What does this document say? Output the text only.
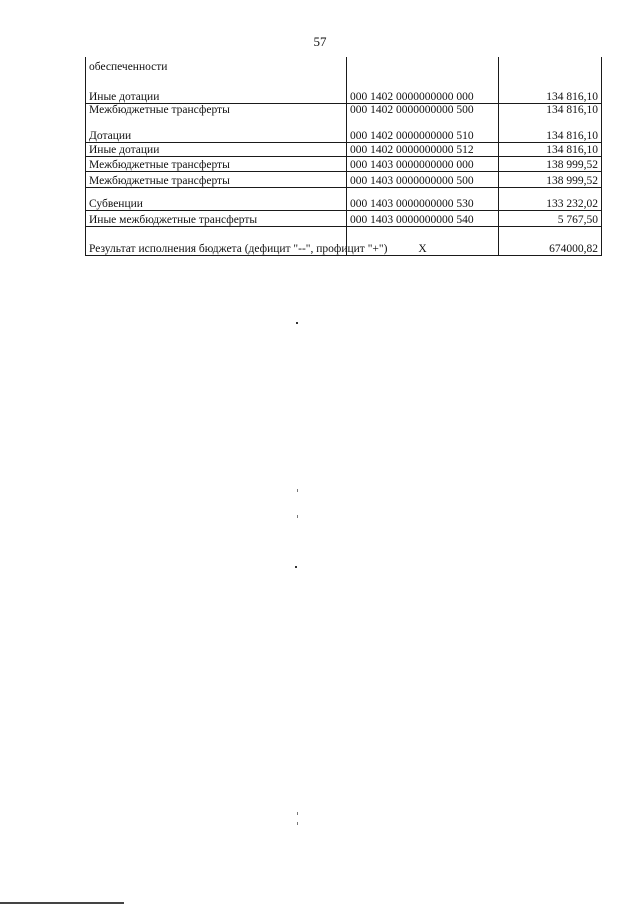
57
обеспеченности		
Иные дотации	000 1402 0000000000 000	134 816,10
Межбюджетные трансферты	000 1402 0000000000 500	134 816,10
Дотации	000 1402 0000000000 510	134 816,10
Иные дотации	000 1402 0000000000 512	134 816,10
Межбюджетные трансферты	000 1403 0000000000 000	138 999,52
Межбюджетные трансферты	000 1403 0000000000 500	138 999,52
Субвенции	000 1403 0000000000 530	133 232,02
Иные межбюджетные трансферты	000 1403 0000000000 540	5 767,50
Результат исполнения бюджета (дефицит "--", профицит "+")	X	674000,82
